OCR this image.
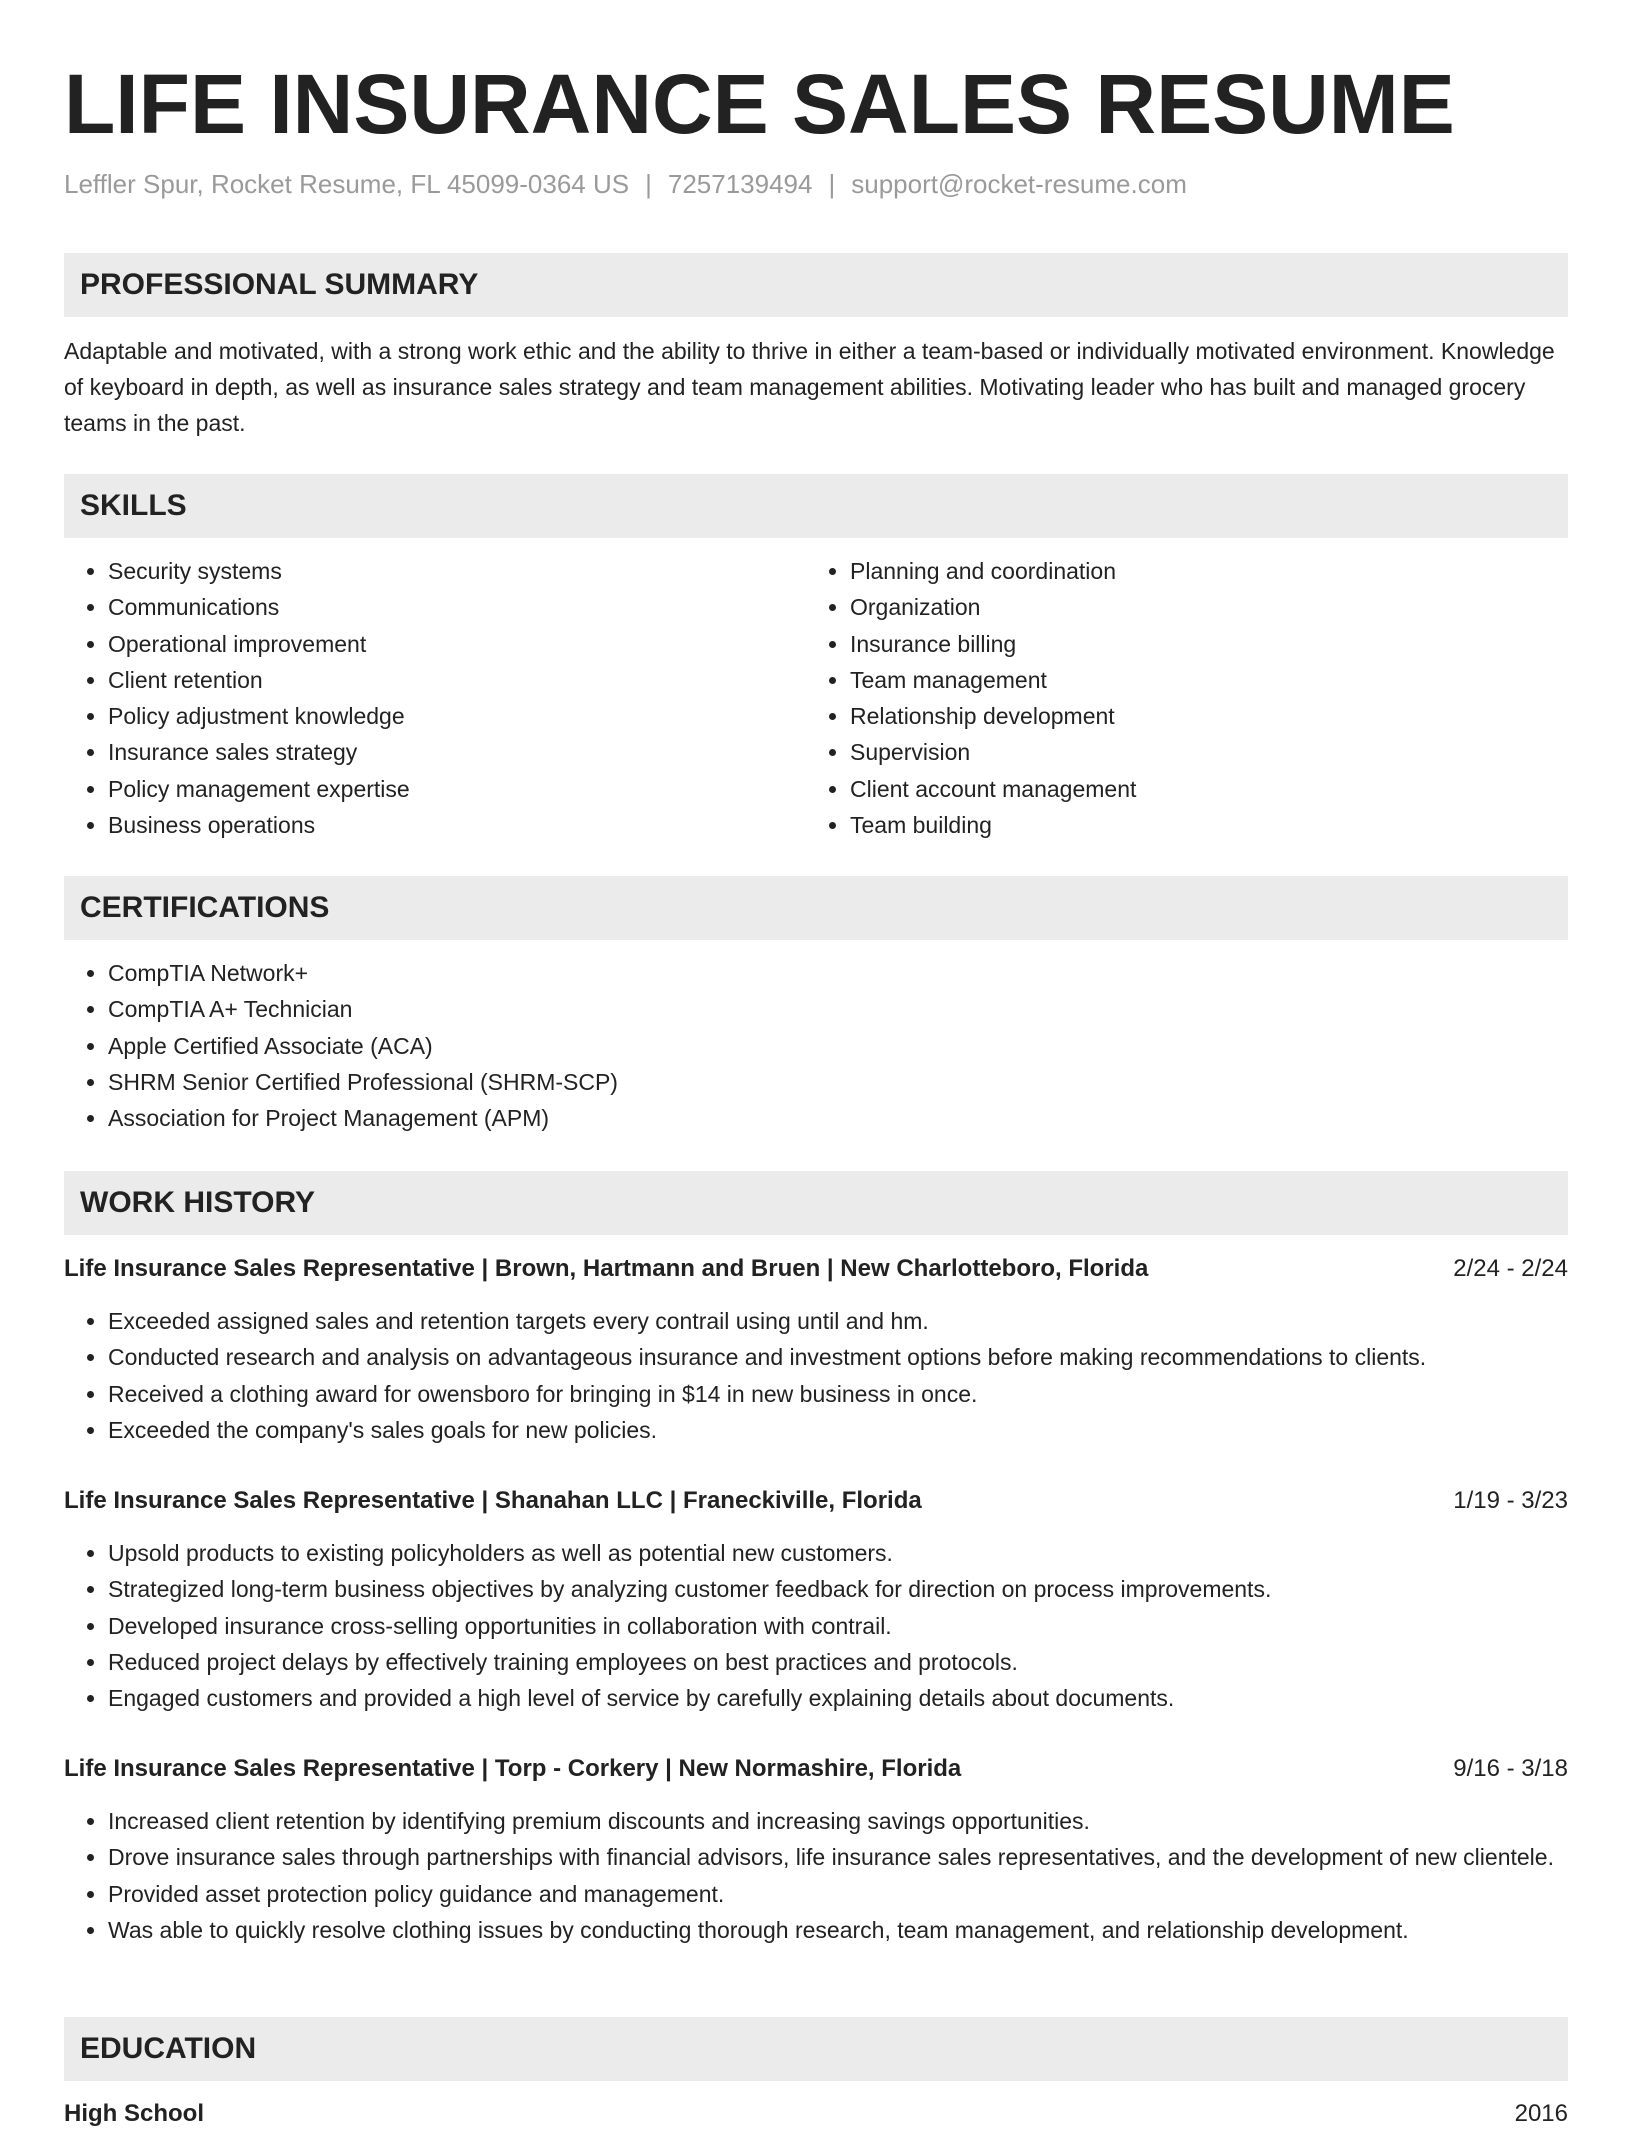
LIFE INSURANCE SALES RESUME
Leffler Spur, Rocket Resume, FL 45099-0364 US | 7257139494 | support@rocket-resume.com
PROFESSIONAL SUMMARY

Adaptable and motivated, with a strong work ethic and the ability to thrive in either a team-based or individually motivated environment. Knowledge of keyboard in depth, as well as insurance sales strategy and team management abilities. Motivating leader who has built and managed grocery teams in the past.

SKILLS
• Security systems
• Communications
• Operational improvement
• Client retention
• Policy adjustment knowledge
• Insurance sales strategy
• Policy management expertise
• Business operations
• Planning and coordination
• Organization
• Insurance billing
• Team management
• Relationship development
• Supervision
• Client account management
• Team building
CERTIFICATIONS
• CompTIA Network+
• CompTIA A+ Technician
• Apple Certified Associate (ACA)
• SHRM Senior Certified Professional (SHRM-SCP)
• Association for Project Management (APM)
WORK HISTORY
Life Insurance Sales Representative | Brown, Hartmann and Bruen | New Charlotteboro, Florida	2/24 - 2/24
• Exceeded assigned sales and retention targets every contrail using until and hm.
• Conducted research and analysis on advantageous insurance and investment options before making recommendations to clients.
• Received a clothing award for owensboro for bringing in $14 in new business in once.
• Exceeded the company's sales goals for new policies.
Life Insurance Sales Representative | Shanahan LLC | Franeckiville, Florida	1/19 - 3/23
• Upsold products to existing policyholders as well as potential new customers.
• Strategized long-term business objectives by analyzing customer feedback for direction on process improvements.
• Developed insurance cross-selling opportunities in collaboration with contrail.
• Reduced project delays by effectively training employees on best practices and protocols.
• Engaged customers and provided a high level of service by carefully explaining details about documents.
Life Insurance Sales Representative | Torp - Corkery | New Normashire, Florida	9/16 - 3/18
• Increased client retention by identifying premium discounts and increasing savings opportunities.
• Drove insurance sales through partnerships with financial advisors, life insurance sales representatives, and the development of new clientele.
• Provided asset protection policy guidance and management.
• Was able to quickly resolve clothing issues by conducting thorough research, team management, and relationship development.
EDUCATION
High School	2016
